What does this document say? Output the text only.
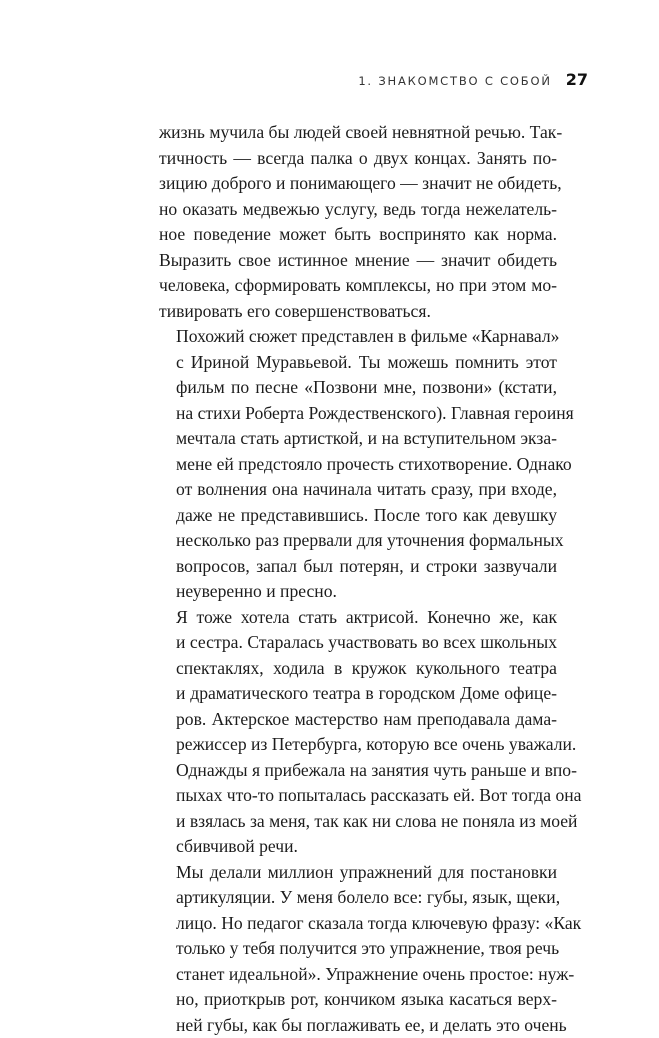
1. ЗНАКОМСТВО С СОБОЙ 27

жизнь мучила бы людей своей невнятной речью. Так-
тичность — всегда палка о двух концах. Занять по-
зицию доброго и понимающего — значит не обидеть,
но оказать медвежью услугу, ведь тогда нежелатель-
ное поведение может быть воспринято как норма.
Выразить свое истинное мнение — значит обидеть
человека, сформировать комплексы, но при этом мо-
тивировать его совершенствоваться.

Похожий сюжет представлен в фильме «Карнавал»
с Ириной Муравьевой. Ты можешь помнить этот
фильм по песне «Позвони мне, позвони» (кстати,
на стихи Роберта Рождественского). Главная героиня
мечтала стать артисткой, и на вступительном экза-
мене ей предстояло прочесть стихотворение. Однако
от волнения она начинала читать сразу, при входе,
даже не представившись. После того как девушку
несколько раз прервали для уточнения формальных
вопросов, запал был потерян, и строки зазвучали
неуверенно и пресно.

Я тоже хотела стать актрисой. Конечно же, как
и сестра. Старалась участвовать во всех школьных
спектаклях, ходила в кружок кукольного театра
и драматического театра в городском Доме офице-
ров. Актерское мастерство нам преподавала дама-
режиссер из Петербурга, которую все очень уважали.
Однажды я прибежала на занятия чуть раньше и впо-
пыхах что-то попыталась рассказать ей. Вот тогда она
и взялась за меня, так как ни слова не поняла из моей
сбивчивой речи.

Мы делали миллион упражнений для постановки
артикуляции. У меня болело все: губы, язык, щеки,
лицо. Но педагог сказала тогда ключевую фразу: «Как
только у тебя получится это упражнение, твоя речь
станет идеальной». Упражнение очень простое: нуж-
но, приоткрыв рот, кончиком языка касаться верх-
ней губы, как бы поглаживать ее, и делать это очень
